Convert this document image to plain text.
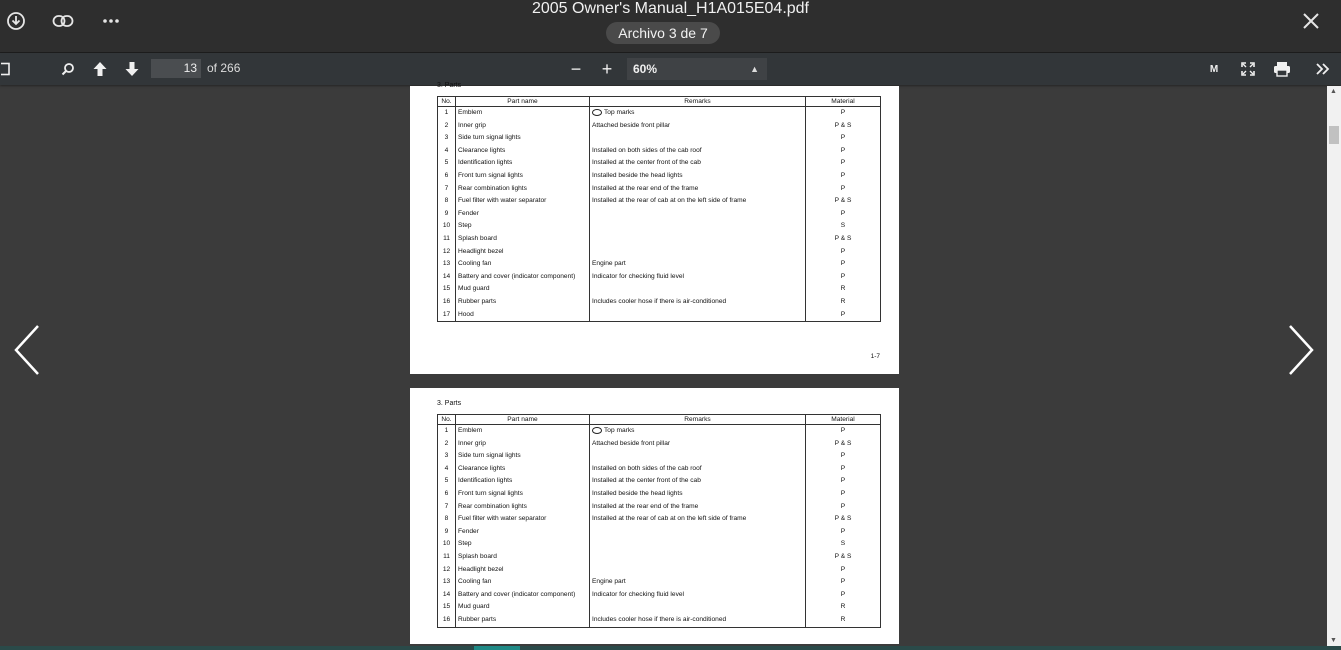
2005 Owner's Manual_H1A015E04.pdf
Archivo 3 de 7
− +	M
13 of 266	60%	▲

3. Parts
No.	Part name	Remarks	Material
1	Emblem	Top marks	P
2	Inner grip	Attached beside front pillar	P & S
3	Side turn signal lights		P
4	Clearance lights	Installed on both sides of the cab roof	P
5	Identification lights	Installed at the center front of the cab	P
6	Front turn signal lights	Installed beside the head lights	P
7	Rear combination lights	Installed at the rear end of the frame	P
8	Fuel filter with water separator	Installed at the rear of cab at on the left side of frame	P & S
9	Fender		P
10	Step		S
11	Splash board		P & S
12	Headlight bezel		P
13	Cooling fan	Engine part	P
14	Battery and cover (indicator component)	Indicator for checking fluid level	P
15	Mud guard		R
16	Rubber parts	Includes cooler hose if there is air-conditioned	R
17	Hood		P
1-7
3. Parts
No.	Part name	Remarks	Material
1	Emblem	Top marks	P
2	Inner grip	Attached beside front pillar	P & S
3	Side turn signal lights		P
4	Clearance lights	Installed on both sides of the cab roof	P
5	Identification lights	Installed at the center front of the cab	P
6	Front turn signal lights	Installed beside the head lights	P
7	Rear combination lights	Installed at the rear end of the frame	P
8	Fuel filter with water separator	Installed at the rear of cab at on the left side of frame	P & S
9	Fender		P
10	Step		S
11	Splash board		P & S
12	Headlight bezel		P
13	Cooling fan	Engine part	P
14	Battery and cover (indicator component)	Indicator for checking fluid level	P
15	Mud guard		R
16	Rubber parts	Includes cooler hose if there is air-conditioned	R
▲
▼
